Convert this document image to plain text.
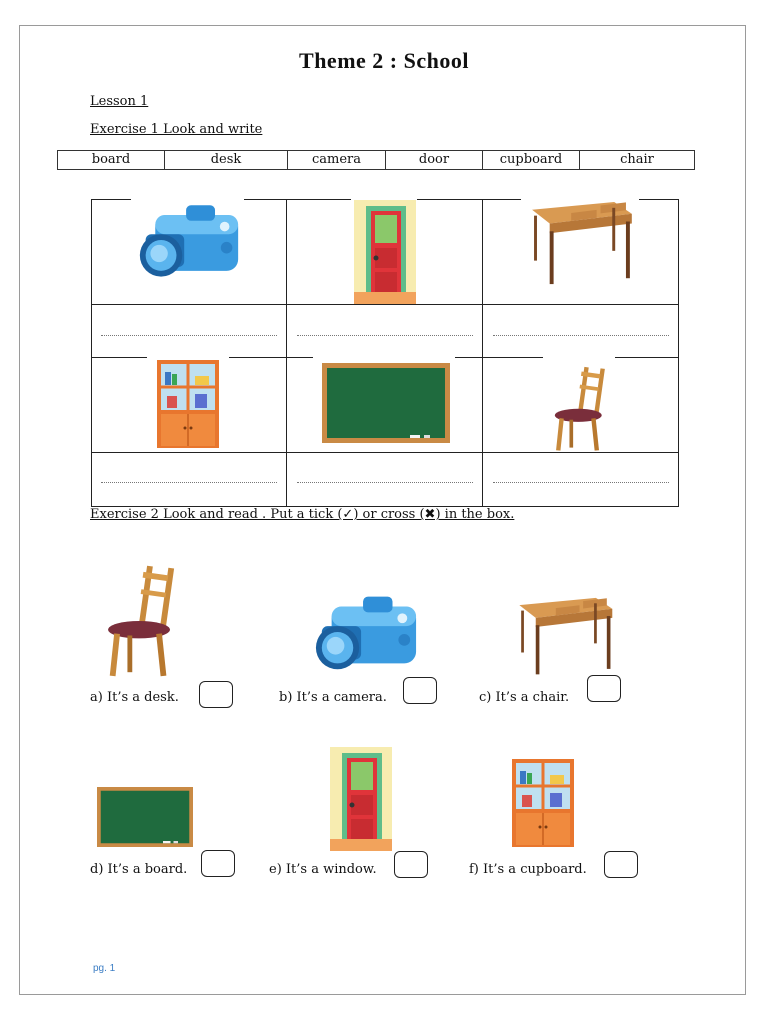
Theme 2 : School
Lesson 1
Exercise 1 Look and write
board	desk	camera	door	cupboard	chair
Exercise 2 Look and read . Put a tick (✓) or cross (✖) in the box.
a) It’s a desk.	b) It’s a camera.	c) It’s a chair.
d) It’s a board.	e) It’s a window.	f) It’s a cupboard.
pg. 1
